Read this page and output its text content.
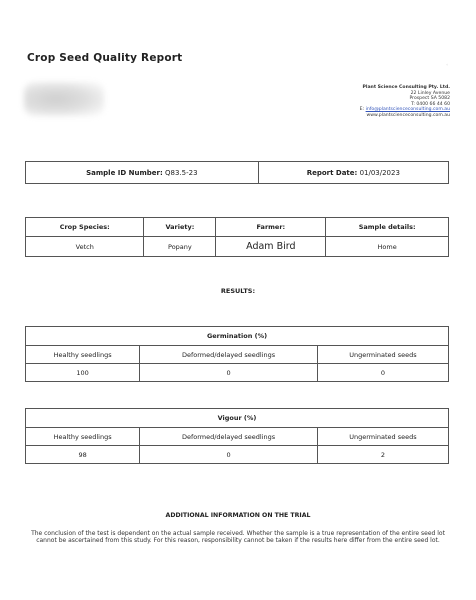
Crop Seed Quality Report
◦
Plant Science Consulting Pty. Ltd.
22 Linley Avenue
Prospect SA 5082
T: 0400 66 44 60
E: info@plantscienceconsulting.com.au
www.plantscienceconsulting.com.au
Sample ID Number: Q83.5-23	Report Date: 01/03/2023
Crop Species:	Variety:	Farmer:	Sample details:
Vetch	Popany	Adam Bird	Home
RESULTS:
Germination (%)		
Healthy seedlings	Deformed/delayed seedlings	Ungerminated seeds
100	0	0
Vigour (%)		
Healthy seedlings	Deformed/delayed seedlings	Ungerminated seeds
98	0	2
ADDITIONAL INFORMATION ON THE TRIAL
The conclusion of the test is dependent on the actual sample received. Whether the sample is a true representation of the entire seed lot cannot be ascertained from this study. For this reason, responsibility cannot be taken if the results here differ from the entire seed lot.
